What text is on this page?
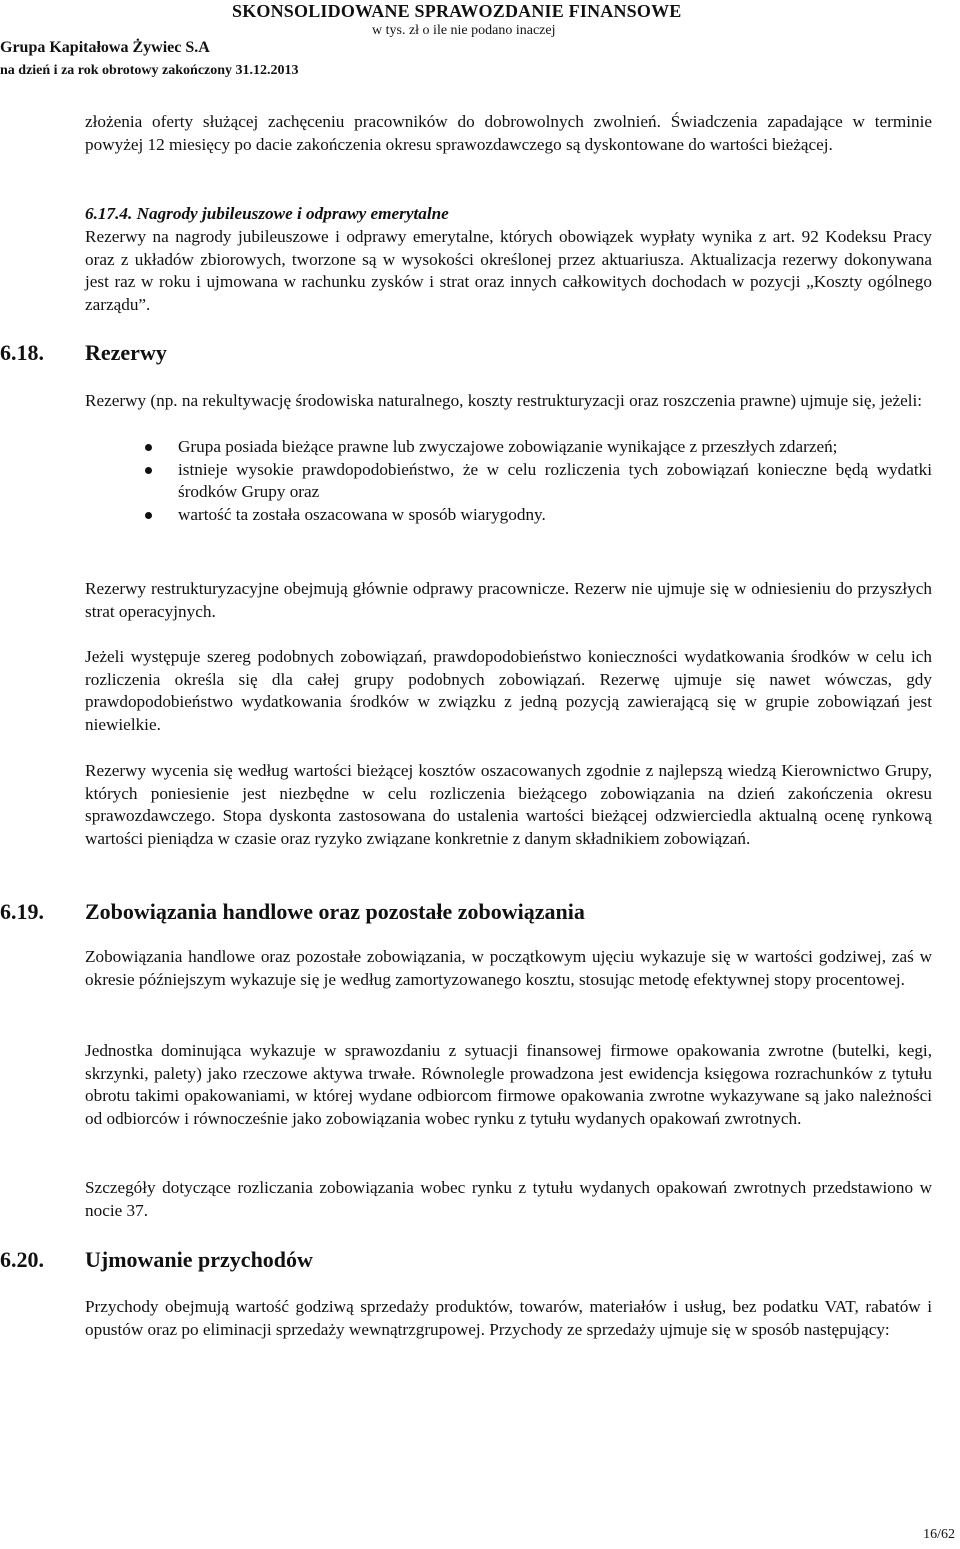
SKONSOLIDOWANE SPRAWOZDANIE FINANSOWE
w tys. zł o ile nie podano inaczej
Grupa Kapitałowa Żywiec S.A
na dzień i za rok obrotowy zakończony 31.12.2013

złożenia oferty służącej zachęceniu pracowników do dobrowolnych zwolnień. Świadczenia zapadające w terminie powyżej 12 miesięcy po dacie zakończenia okresu sprawozdawczego są dyskontowane do wartości bieżącej.

6.17.4. Nagrody jubileuszowe i odprawy emerytalne

Rezerwy na nagrody jubileuszowe i odprawy emerytalne, których obowiązek wypłaty wynika z art. 92 Kodeksu Pracy oraz z układów zbiorowych, tworzone są w wysokości określonej przez aktuariusza. Aktualizacja rezerwy dokonywana jest raz w roku i ujmowana w rachunku zysków i strat oraz innych całkowitych dochodach w pozycji „Koszty ogólnego zarządu”.

6.18. Rezerwy

Rezerwy (np. na rekultywację środowiska naturalnego, koszty restrukturyzacji oraz roszczenia prawne) ujmuje się, jeżeli:

Grupa posiada bieżące prawne lub zwyczajowe zobowiązanie wynikające z przeszłych zdarzeń;
istnieje wysokie prawdopodobieństwo, że w celu rozliczenia tych zobowiązań konieczne będą wydatki środków Grupy oraz
wartość ta została oszacowana w sposób wiarygodny.

Rezerwy restrukturyzacyjne obejmują głównie odprawy pracownicze. Rezerw nie ujmuje się w odniesieniu do przyszłych strat operacyjnych.

Jeżeli występuje szereg podobnych zobowiązań, prawdopodobieństwo konieczności wydatkowania środków w celu ich rozliczenia określa się dla całej grupy podobnych zobowiązań. Rezerwę ujmuje się nawet wówczas, gdy prawdopodobieństwo wydatkowania środków w związku z jedną pozycją zawierającą się w grupie zobowiązań jest niewielkie.

Rezerwy wycenia się według wartości bieżącej kosztów oszacowanych zgodnie z najlepszą wiedzą Kierownictwo Grupy, których poniesienie jest niezbędne w celu rozliczenia bieżącego zobowiązania na dzień zakończenia okresu sprawozdawczego. Stopa dyskonta zastosowana do ustalenia wartości bieżącej odzwierciedla aktualną ocenę rynkową wartości pieniądza w czasie oraz ryzyko związane konkretnie z danym składnikiem zobowiązań.

6.19. Zobowiązania handlowe oraz pozostałe zobowiązania

Zobowiązania handlowe oraz pozostałe zobowiązania, w początkowym ujęciu wykazuje się w wartości godziwej, zaś w okresie późniejszym wykazuje się je według zamortyzowanego kosztu, stosując metodę efektywnej stopy procentowej.

Jednostka dominująca wykazuje w sprawozdaniu z sytuacji finansowej firmowe opakowania zwrotne (butelki, kegi, skrzynki, palety) jako rzeczowe aktywa trwałe. Równolegle prowadzona jest ewidencja księgowa rozrachunków z tytułu obrotu takimi opakowaniami, w której wydane odbiorcom firmowe opakowania zwrotne wykazywane są jako należności od odbiorców i równocześnie jako zobowiązania wobec rynku z tytułu wydanych opakowań zwrotnych.

Szczegóły dotyczące rozliczania zobowiązania wobec rynku z tytułu wydanych opakowań zwrotnych przedstawiono w nocie 37.

6.20. Ujmowanie przychodów

Przychody obejmują wartość godziwą sprzedaży produktów, towarów, materiałów i usług, bez podatku VAT, rabatów i opustów oraz po eliminacji sprzedaży wewnątrzgrupowej. Przychody ze sprzedaży ujmuje się w sposób następujący:

16/62
